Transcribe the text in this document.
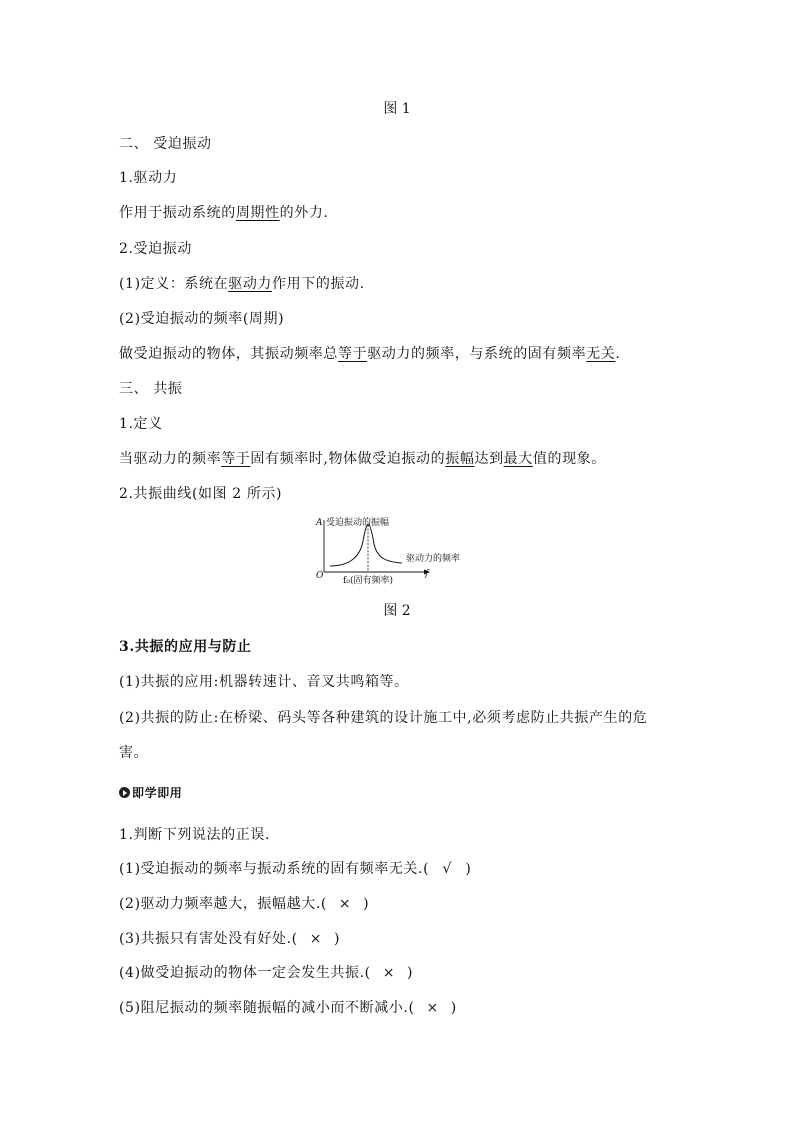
图 1
二、 受迫振动
1.驱动力
作用于振动系统的周期性的外力.
2.受迫振动
(1)定义：系统在驱动力作用下的振动.
(2)受迫振动的频率(周期)
做受迫振动的物体，其振动频率总等于驱动力的频率，与系统的固有频率无关.
三、 共振
1.定义
当驱动力的频率等于固有频率时,物体做受迫振动的振幅达到最大值的现象。
2.共振曲线(如图 2 所示)
A 受迫振动的振幅
驱动力的频率
f
O f₀(固有频率)
图 2
3.共振的应用与防止
(1)共振的应用:机器转速计、音叉共鸣箱等。
(2)共振的防止:在桥梁、码头等各种建筑的设计施工中,必须考虑防止共振产生的危
害。
即学即用
1.判断下列说法的正误.
(1)受迫振动的频率与振动系统的固有频率无关.( √ )
(2)驱动力频率越大，振幅越大.( × )
(3)共振只有害处没有好处.( × )
(4)做受迫振动的物体一定会发生共振.( × )
(5)阻尼振动的频率随振幅的减小而不断减小.( × )
